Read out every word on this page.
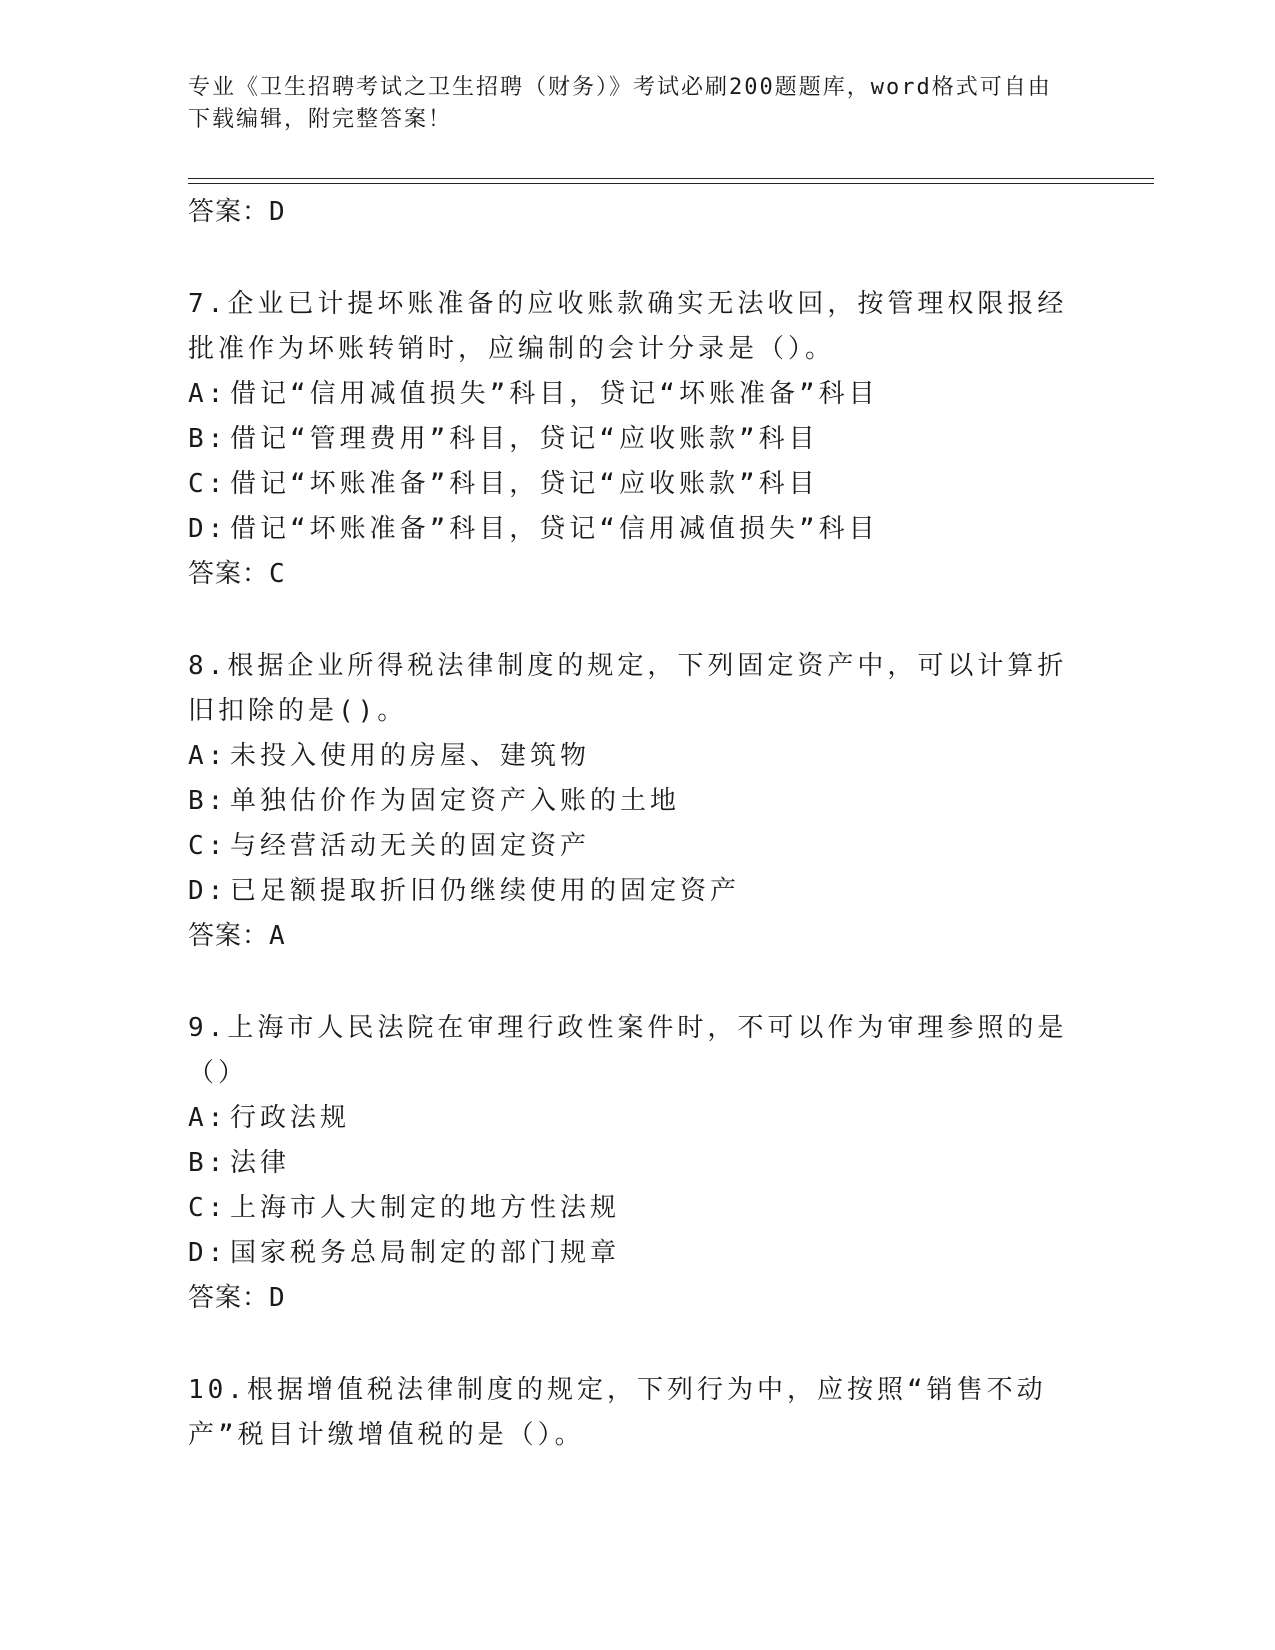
专业《卫生招聘考试之卫生招聘（财务）》考试必刷200题题库，word格式可自由下载编辑，附完整答案！
答案：D
7.企业已计提坏账准备的应收账款确实无法收回，按管理权限报经批准作为坏账转销时，应编制的会计分录是（）。
A: 借记“信用减值损失”科目，贷记“坏账准备”科目
B: 借记“管理费用”科目，贷记“应收账款”科目
C: 借记“坏账准备”科目，贷记“应收账款”科目
D: 借记“坏账准备”科目，贷记“信用减值损失”科目
答案：C
8.根据企业所得税法律制度的规定，下列固定资产中，可以计算折旧扣除的是()。
A: 未投入使用的房屋、建筑物
B: 单独估价作为固定资产入账的土地
C: 与经营活动无关的固定资产
D: 已足额提取折旧仍继续使用的固定资产
答案：A
9.上海市人民法院在审理行政性案件时，不可以作为审理参照的是（）
A: 行政法规
B: 法律
C: 上海市人大制定的地方性法规
D: 国家税务总局制定的部门规章
答案：D
10.根据增值税法律制度的规定，下列行为中，应按照“销售不动产”税目计缴增值税的是（）。
